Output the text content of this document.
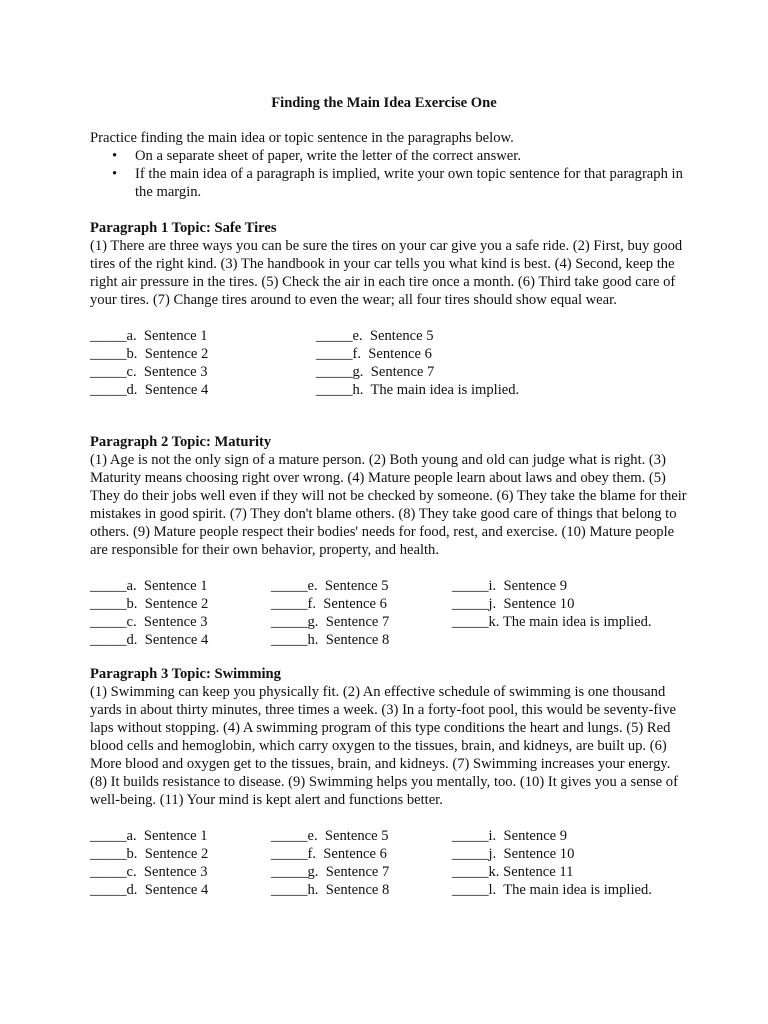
Finding the Main Idea Exercise One
Practice finding the main idea or topic sentence in the paragraphs below.
• On a separate sheet of paper, write the letter of the correct answer.
• If the main idea of a paragraph is implied, write your own topic sentence for that paragraph in the margin.
Paragraph 1 Topic: Safe Tires

(1) There are three ways you can be sure the tires on your car give you a safe ride. (2) First, buy good tires of the right kind. (3) The handbook in your car tells you what kind is best. (4) Second, keep the right air pressure in the tires. (5) Check the air in each tire once a month. (6) Third take good care of your tires. (7) Change tires around to even the wear; all four tires should show equal wear.

_____a.  Sentence 1
_____b.  Sentence 2
_____c.  Sentence 3
_____d.  Sentence 4
_____e.  Sentence 5
_____f.  Sentence 6
_____g.  Sentence 7
_____h.  The main idea is implied.
Paragraph 2 Topic: Maturity

(1) Age is not the only sign of a mature person. (2) Both young and old can judge what is right. (3) Maturity means choosing right over wrong. (4) Mature people learn about laws and obey them. (5) They do their jobs well even if they will not be checked by someone. (6) They take the blame for their mistakes in good spirit. (7) They don't blame others. (8) They take good care of things that belong to others. (9) Mature people respect their bodies' needs for food, rest, and exercise. (10) Mature people are responsible for their own behavior, property, and health.

_____a.  Sentence 1
_____b.  Sentence 2
_____c.  Sentence 3
_____d.  Sentence 4
_____e.  Sentence 5
_____f.  Sentence 6
_____g.  Sentence 7
_____h.  Sentence 8
_____i.  Sentence 9
_____j.  Sentence 10
_____k. The main idea is implied.
Paragraph 3 Topic: Swimming

(1) Swimming can keep you physically fit. (2) An effective schedule of swimming is one thousand yards in about thirty minutes, three times a week. (3) In a forty-foot pool, this would be seventy-five laps without stopping. (4) A swimming program of this type conditions the heart and lungs. (5) Red blood cells and hemoglobin, which carry oxygen to the tissues, brain, and kidneys, are built up. (6) More blood and oxygen get to the tissues, brain, and kidneys. (7) Swimming increases your energy. (8) It builds resistance to disease. (9) Swimming helps you mentally, too. (10) It gives you a sense of well-being. (11) Your mind is kept alert and functions better.

_____a.  Sentence 1
_____b.  Sentence 2
_____c.  Sentence 3
_____d.  Sentence 4
_____e.  Sentence 5
_____f.  Sentence 6
_____g.  Sentence 7
_____h.  Sentence 8
_____i.  Sentence 9
_____j.  Sentence 10
_____k. Sentence 11
_____l.  The main idea is implied.
